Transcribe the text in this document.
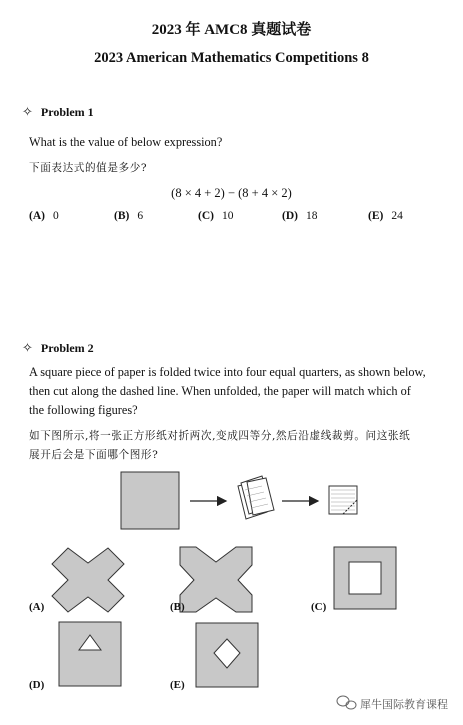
2023 年 AMC8 真题试卷
2023 American Mathematics Competitions 8
✧ Problem 1
What is the value of below expression?
下面表达式的值是多少?
(8 × 4 + 2) − (8 + 4 × 2)
(A) 0	(B) 6	(C) 10	(D) 18	(E) 24
✧ Problem 2
A square piece of paper is folded twice into four equal quarters, as shown below,
then cut along the dashed line. When unfolded, the paper will match which of
the following figures?
如下图所示,将一张正方形纸对折两次,变成四等分,然后沿虚线裁剪。问这张纸
展开后会是下面哪个图形?
(A)	(B)	(C)
(D)	(E)
犀牛国际教育课程
